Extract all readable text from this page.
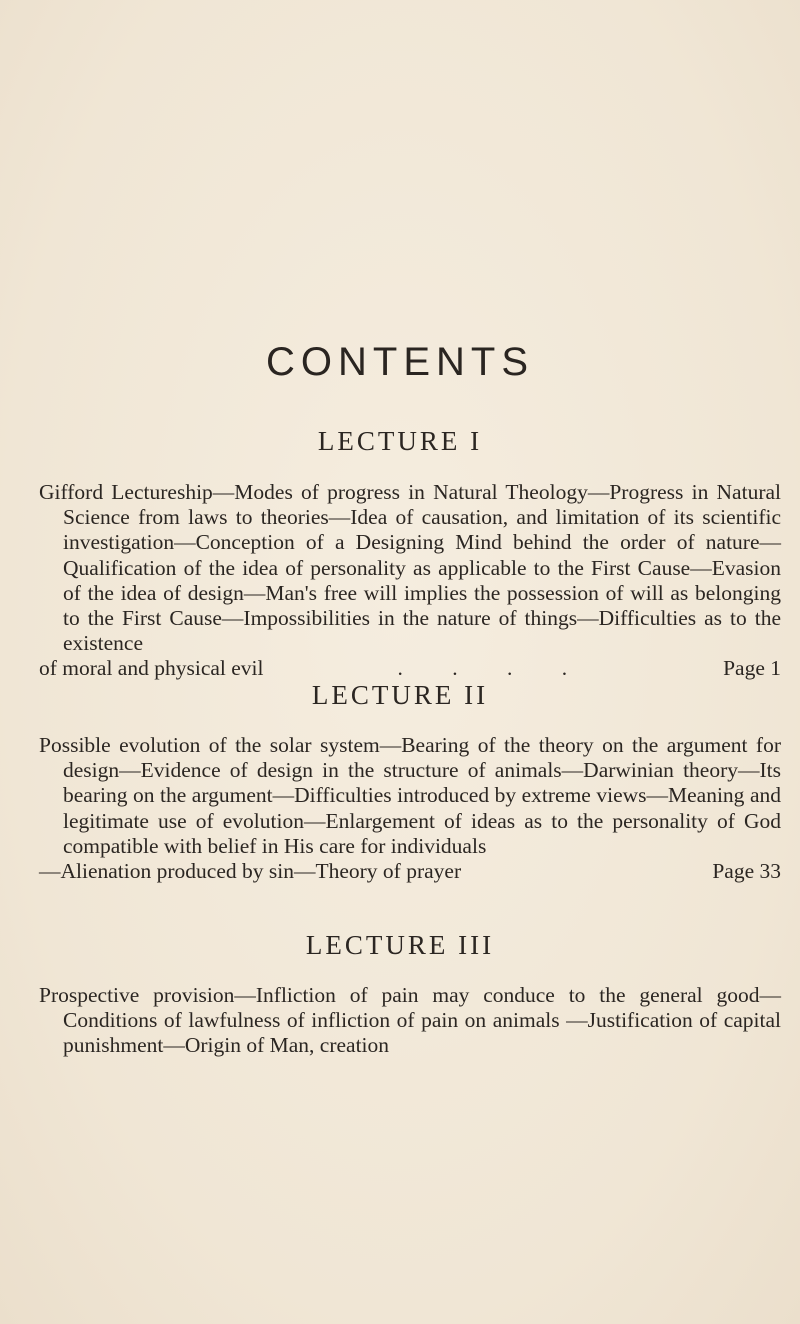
CONTENTS
LECTURE I
Gifford Lectureship—Modes of progress in Natural Theology—Progress in Natural Science from laws to theories—Idea of causation, and limitation of its scientific investigation—Conception of a Designing Mind behind the order of nature—Qualification of the idea of personality as applicable to the First Cause—Evasion of the idea of design—Man's free will implies the possession of will as belonging to the First Cause—Impossibilities in the nature of things—Difficulties as to the existence
of moral and physical evil	. . . .	Page 1
LECTURE II
Possible evolution of the solar system—Bearing of the theory on the argument for design—Evidence of design in the structure of animals—Darwinian theory—Its bearing on the argument—Difficulties introduced by extreme views—Meaning and legitimate use of evolution—Enlargement of ideas as to the personality of God compatible with belief in His care for individuals
—Alienation produced by sin—Theory of prayer	Page 33
LECTURE III
Prospective provision—Infliction of pain may conduce to the general good—Conditions of lawfulness of infliction of pain on animals —Justification of capital punishment—Origin of Man, creation
